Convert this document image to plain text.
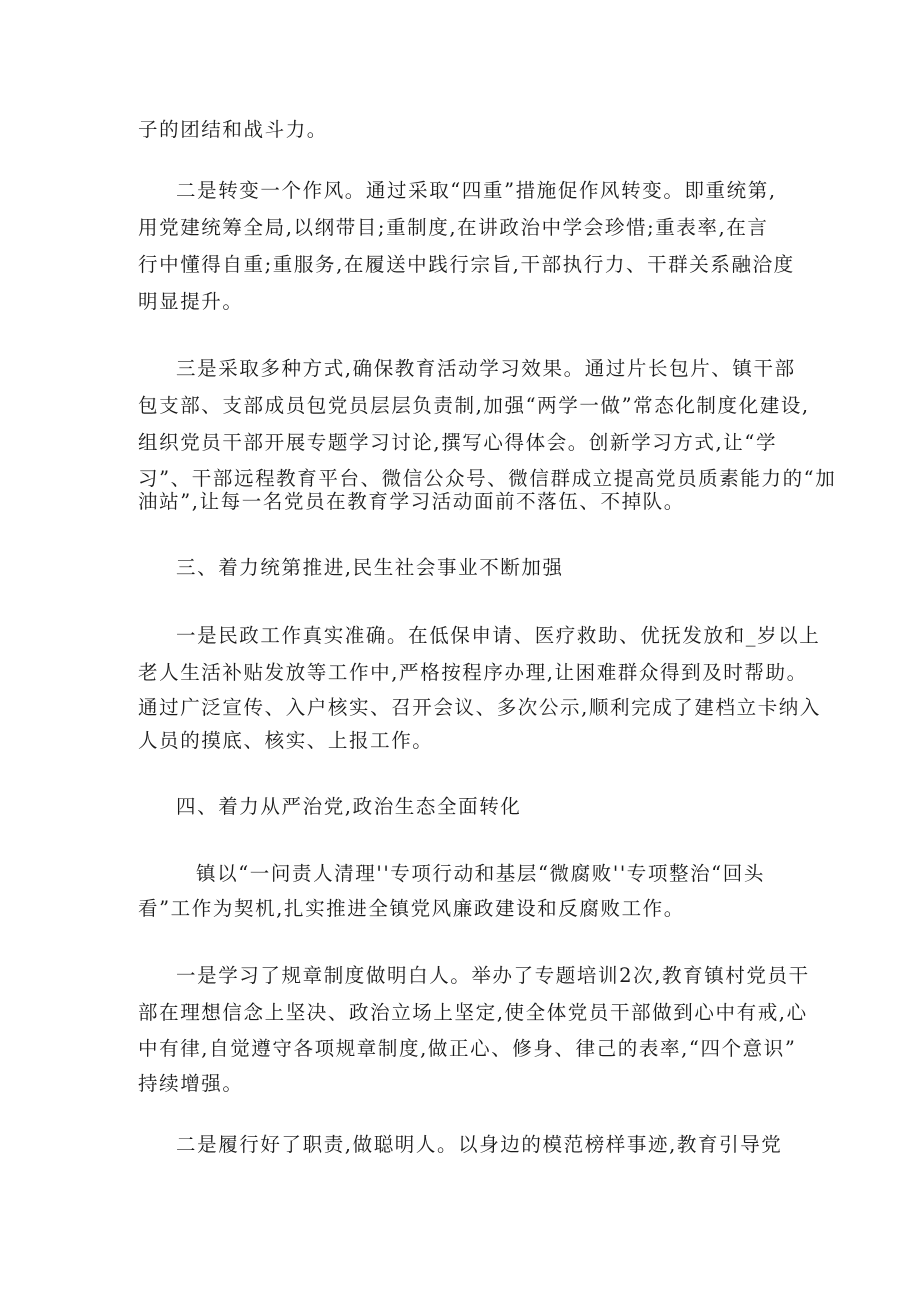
子的团结和战斗力。
二是转变一个作风。通过采取“四重”措施促作风转变。即重统第,
用党建统筹全局,以纲带目;重制度,在讲政治中学会珍惜;重表率,在言
行中懂得自重;重服务,在履送中践行宗旨,干部执行力、干群关系融洽度
明显提升。
三是采取多种方式,确保教育活动学习效果。通过片长包片、镇干部
包支部、支部成员包党员层层负责制,加强“两学一做”常态化制度化建设,
组织党员干部开展专题学习讨论,撰写心得体会。创新学习方式,让“学
习”、干部远程教育平台、微信公众号、微信群成立提高党员质素能力的“加
油站”,让每一名党员在教育学习活动面前不落伍、不掉队。
三、着力统第推进,民生社会事业不断加强
一是民政工作真实准确。在低保申请、医疗救助、优抚发放和_岁以上
老人生活补贴发放等工作中,严格按程序办理,让困难群众得到及时帮助。
通过广泛宣传、入户核实、召开会议、多次公示,顺利完成了建档立卡纳入
人员的摸底、核实、上报工作。
四、着力从严治党,政治生态全面转化
镇以“一问责人清理''专项行动和基层“微腐败''专项整治“回头
看”工作为契机,扎实推进全镇党风廉政建设和反腐败工作。
一是学习了规章制度做明白人。举办了专题培训2次,教育镇村党员干
部在理想信念上坚决、政治立场上坚定,使全体党员干部做到心中有戒,心
中有律,自觉遵守各项规章制度,做正心、修身、律己的表率,“四个意识”
持续增强。
二是履行好了职责,做聪明人。以身边的模范榜样事迹,教育引导党
